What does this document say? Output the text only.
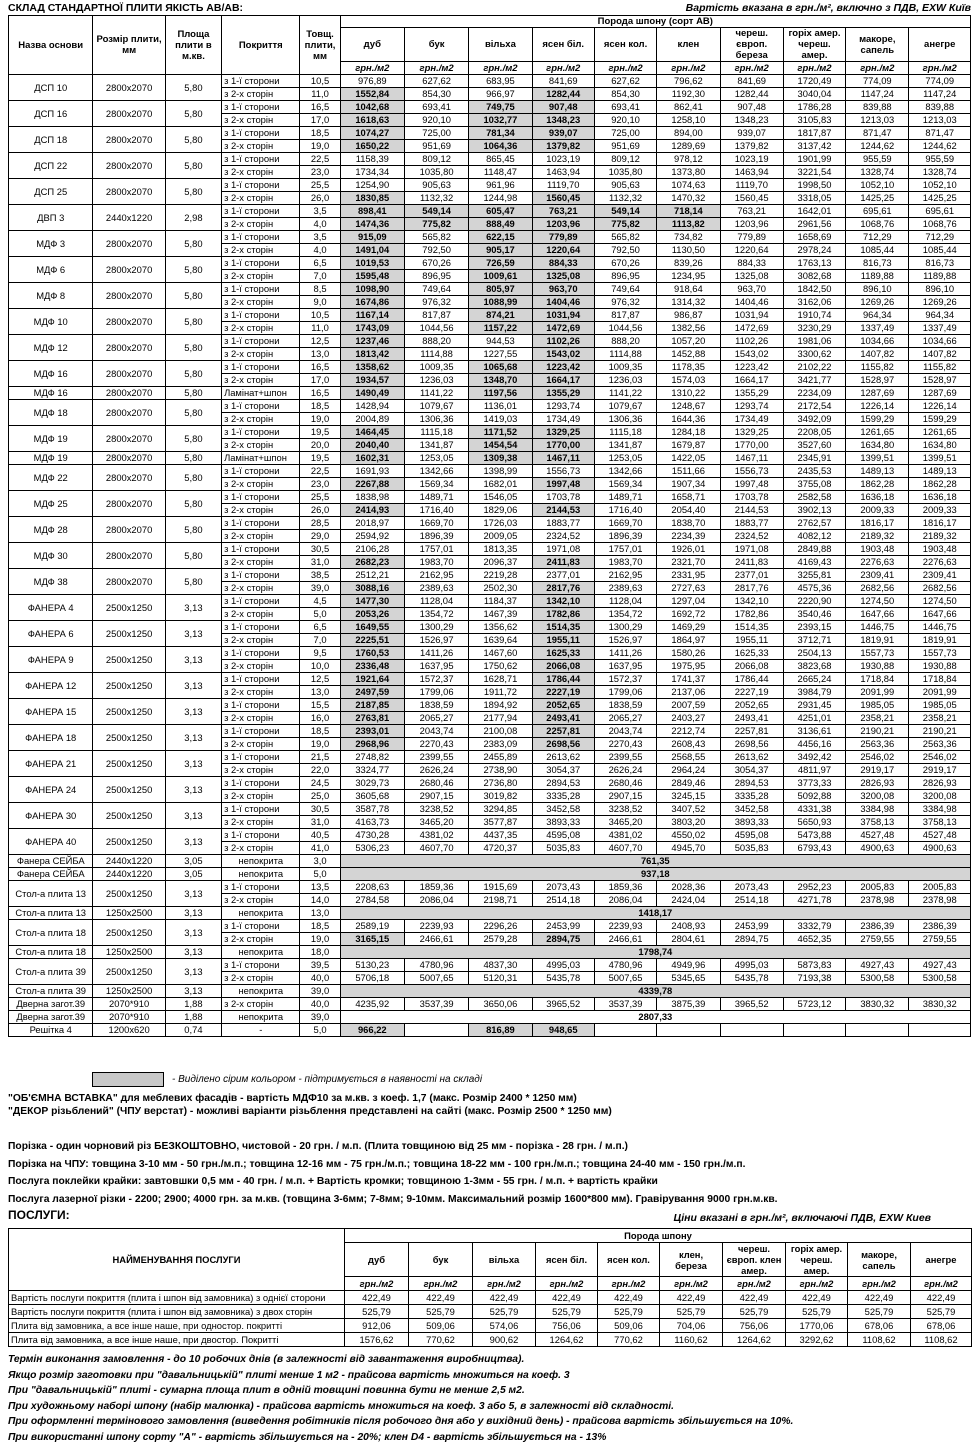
СКЛАД СТАНДАРТНОЇ ПЛИТИ ЯКІСТЬ АВ/АВ:	Вартість вказана в грн./м², включно з ПДВ, EXW Київ
Назва основи	Розмір плити, мм	Площа плити в м.кв.	Покриття	Товщ. плити, мм	Порода шпону (сорт АВ)									
					дуб	бук	вільха	ясен біл.	ясен кол.	клен	череш. європ. береза	горіх амер. череш. амер.	макоре, сапель	анегре
					грн./м2	грн./м2	грн./м2	грн./м2	грн./м2	грн./м2	грн./м2	грн./м2	грн./м2	грн./м2
ДСП 10	2800х2070	5,80	з 1-ї сторони	10,5	976,89	627,62	683,95	841,69	627,62	796,62	841,69	1720,49	774,09	774,09
			з 2-х сторін	11,0	1552,84	854,30	966,97	1282,44	854,30	1192,30	1282,44	3040,04	1147,24	1147,24
ДСП 16	2800х2070	5,80	з 1-ї сторони	16,5	1042,68	693,41	749,75	907,48	693,41	862,41	907,48	1786,28	839,88	839,88
			з 2-х сторін	17,0	1618,63	920,10	1032,77	1348,23	920,10	1258,10	1348,23	3105,83	1213,03	1213,03
ДСП 18	2800х2070	5,80	з 1-ї сторони	18,5	1074,27	725,00	781,34	939,07	725,00	894,00	939,07	1817,87	871,47	871,47
			з 2-х сторін	19,0	1650,22	951,69	1064,36	1379,82	951,69	1289,69	1379,82	3137,42	1244,62	1244,62
ДСП 22	2800х2070	5,80	з 1-ї сторони	22,5	1158,39	809,12	865,45	1023,19	809,12	978,12	1023,19	1901,99	955,59	955,59
			з 2-х сторін	23,0	1734,34	1035,80	1148,47	1463,94	1035,80	1373,80	1463,94	3221,54	1328,74	1328,74
ДСП 25	2800х2070	5,80	з 1-ї сторони	25,5	1254,90	905,63	961,96	1119,70	905,63	1074,63	1119,70	1998,50	1052,10	1052,10
			з 2-х сторін	26,0	1830,85	1132,32	1244,98	1560,45	1132,32	1470,32	1560,45	3318,05	1425,25	1425,25
ДВП 3	2440х1220	2,98	з 1-ї сторони	3,5	898,41	549,14	605,47	763,21	549,14	718,14	763,21	1642,01	695,61	695,61
			з 2-х сторін	4,0	1474,36	775,82	888,49	1203,96	775,82	1113,82	1203,96	2961,56	1068,76	1068,76
МДФ 3	2800х2070	5,80	з 1-ї сторони	3,5	915,09	565,82	622,15	779,89	565,82	734,82	779,89	1658,69	712,29	712,29
			з 2-х сторін	4,0	1491,04	792,50	905,17	1220,64	792,50	1130,50	1220,64	2978,24	1085,44	1085,44
МДФ 6	2800х2070	5,80	з 1-ї сторони	6,5	1019,53	670,26	726,59	884,33	670,26	839,26	884,33	1763,13	816,73	816,73
			з 2-х сторін	7,0	1595,48	896,95	1009,61	1325,08	896,95	1234,95	1325,08	3082,68	1189,88	1189,88
МДФ 8	2800х2070	5,80	з 1-ї сторони	8,5	1098,90	749,64	805,97	963,70	749,64	918,64	963,70	1842,50	896,10	896,10
			з 2-х сторін	9,0	1674,86	976,32	1088,99	1404,46	976,32	1314,32	1404,46	3162,06	1269,26	1269,26
МДФ 10	2800х2070	5,80	з 1-ї сторони	10,5	1167,14	817,87	874,21	1031,94	817,87	986,87	1031,94	1910,74	964,34	964,34
			з 2-х сторін	11,0	1743,09	1044,56	1157,22	1472,69	1044,56	1382,56	1472,69	3230,29	1337,49	1337,49
МДФ 12	2800х2070	5,80	з 1-ї сторони	12,5	1237,46	888,20	944,53	1102,26	888,20	1057,20	1102,26	1981,06	1034,66	1034,66
			з 2-х сторін	13,0	1813,42	1114,88	1227,55	1543,02	1114,88	1452,88	1543,02	3300,62	1407,82	1407,82
МДФ 16	2800х2070	5,80	з 1-ї сторони	16,5	1358,62	1009,35	1065,68	1223,42	1009,35	1178,35	1223,42	2102,22	1155,82	1155,82
			з 2-х сторін	17,0	1934,57	1236,03	1348,70	1664,17	1236,03	1574,03	1664,17	3421,77	1528,97	1528,97
МДФ 16	2800х2070	5,80	Ламінат+шпон	16,5	1490,49	1141,22	1197,56	1355,29	1141,22	1310,22	1355,29	2234,09	1287,69	1287,69
МДФ 18	2800х2070	5,80	з 1-ї сторони	18,5	1428,94	1079,67	1136,01	1293,74	1079,67	1248,67	1293,74	2172,54	1226,14	1226,14
			з 2-х сторін	19,0	2004,89	1306,36	1419,03	1734,49	1306,36	1644,36	1734,49	3492,09	1599,29	1599,29
МДФ 19	2800х2070	5,80	з 1-ї сторони	19,5	1464,45	1115,18	1171,52	1329,25	1115,18	1284,18	1329,25	2208,05	1261,65	1261,65
			з 2-х сторін	20,0	2040,40	1341,87	1454,54	1770,00	1341,87	1679,87	1770,00	3527,60	1634,80	1634,80
МДФ 19	2800х2070	5,80	Ламінат+шпон	19,5	1602,31	1253,05	1309,38	1467,11	1253,05	1422,05	1467,11	2345,91	1399,51	1399,51
МДФ 22	2800х2070	5,80	з 1-ї сторони	22,5	1691,93	1342,66	1398,99	1556,73	1342,66	1511,66	1556,73	2435,53	1489,13	1489,13
			з 2-х сторін	23,0	2267,88	1569,34	1682,01	1997,48	1569,34	1907,34	1997,48	3755,08	1862,28	1862,28
МДФ 25	2800х2070	5,80	з 1-ї сторони	25,5	1838,98	1489,71	1546,05	1703,78	1489,71	1658,71	1703,78	2582,58	1636,18	1636,18
			з 2-х сторін	26,0	2414,93	1716,40	1829,06	2144,53	1716,40	2054,40	2144,53	3902,13	2009,33	2009,33
МДФ 28	2800х2070	5,80	з 1-ї сторони	28,5	2018,97	1669,70	1726,03	1883,77	1669,70	1838,70	1883,77	2762,57	1816,17	1816,17
			з 2-х сторін	29,0	2594,92	1896,39	2009,05	2324,52	1896,39	2234,39	2324,52	4082,12	2189,32	2189,32
МДФ 30	2800х2070	5,80	з 1-ї сторони	30,5	2106,28	1757,01	1813,35	1971,08	1757,01	1926,01	1971,08	2849,88	1903,48	1903,48
			з 2-х сторін	31,0	2682,23	1983,70	2096,37	2411,83	1983,70	2321,70	2411,83	4169,43	2276,63	2276,63
МДФ 38	2800х2070	5,80	з 1-ї сторони	38,5	2512,21	2162,95	2219,28	2377,01	2162,95	2331,95	2377,01	3255,81	2309,41	2309,41
			з 2-х сторін	39,0	3088,16	2389,63	2502,30	2817,76	2389,63	2727,63	2817,76	4575,36	2682,56	2682,56
ФАНЕРА 4	2500х1250	3,13	з 1-ї сторони	4,5	1477,30	1128,04	1184,37	1342,10	1128,04	1297,04	1342,10	2220,90	1274,50	1274,50
			з 2-х сторін	5,0	2053,26	1354,72	1467,39	1782,86	1354,72	1692,72	1782,86	3540,46	1647,66	1647,66
ФАНЕРА 6	2500х1250	3,13	з 1-ї сторони	6,5	1649,55	1300,29	1356,62	1514,35	1300,29	1469,29	1514,35	2393,15	1446,75	1446,75
			з 2-х сторін	7,0	2225,51	1526,97	1639,64	1955,11	1526,97	1864,97	1955,11	3712,71	1819,91	1819,91
ФАНЕРА 9	2500х1250	3,13	з 1-ї сторони	9,5	1760,53	1411,26	1467,60	1625,33	1411,26	1580,26	1625,33	2504,13	1557,73	1557,73
			з 2-х сторін	10,0	2336,48	1637,95	1750,62	2066,08	1637,95	1975,95	2066,08	3823,68	1930,88	1930,88
ФАНЕРА 12	2500х1250	3,13	з 1-ї сторони	12,5	1921,64	1572,37	1628,71	1786,44	1572,37	1741,37	1786,44	2665,24	1718,84	1718,84
			з 2-х сторін	13,0	2497,59	1799,06	1911,72	2227,19	1799,06	2137,06	2227,19	3984,79	2091,99	2091,99
ФАНЕРА 15	2500х1250	3,13	з 1-ї сторони	15,5	2187,85	1838,59	1894,92	2052,65	1838,59	2007,59	2052,65	2931,45	1985,05	1985,05
			з 2-х сторін	16,0	2763,81	2065,27	2177,94	2493,41	2065,27	2403,27	2493,41	4251,01	2358,21	2358,21
ФАНЕРА 18	2500х1250	3,13	з 1-ї сторони	18,5	2393,01	2043,74	2100,08	2257,81	2043,74	2212,74	2257,81	3136,61	2190,21	2190,21
			з 2-х сторін	19,0	2968,96	2270,43	2383,09	2698,56	2270,43	2608,43	2698,56	4456,16	2563,36	2563,36
ФАНЕРА 21	2500х1250	3,13	з 1-ї сторони	21,5	2748,82	2399,55	2455,89	2613,62	2399,55	2568,55	2613,62	3492,42	2546,02	2546,02
			з 2-х сторін	22,0	3324,77	2626,24	2738,90	3054,37	2626,24	2964,24	3054,37	4811,97	2919,17	2919,17
ФАНЕРА 24	2500х1250	3,13	з 1-ї сторони	24,5	3029,73	2680,46	2736,80	2894,53	2680,46	2849,46	2894,53	3773,33	2826,93	2826,93
			з 2-х сторін	25,0	3605,68	2907,15	3019,82	3335,28	2907,15	3245,15	3335,28	5092,88	3200,08	3200,08
ФАНЕРА 30	2500х1250	3,13	з 1-ї сторони	30,5	3587,78	3238,52	3294,85	3452,58	3238,52	3407,52	3452,58	4331,38	3384,98	3384,98
			з 2-х сторін	31,0	4163,73	3465,20	3577,87	3893,33	3465,20	3803,20	3893,33	5650,93	3758,13	3758,13
ФАНЕРА 40	2500х1250	3,13	з 1-ї сторони	40,5	4730,28	4381,02	4437,35	4595,08	4381,02	4550,02	4595,08	5473,88	4527,48	4527,48
			з 2-х сторін	41,0	5306,23	4607,70	4720,37	5035,83	4607,70	4945,70	5035,83	6793,43	4900,63	4900,63
Фанера СЕЙБА	2440х1220	3,05	непокрита	3,0	761,35									
Фанера СЕЙБА	2440х1220	3,05	непокрита	5,0	937,18									
Стол-а плита 13	2500х1250	3,13	з 1-ї сторони	13,5	2208,63	1859,36	1915,69	2073,43	1859,36	2028,36	2073,43	2952,23	2005,83	2005,83
			з 2-х сторін	14,0	2784,58	2086,04	2198,71	2514,18	2086,04	2424,04	2514,18	4271,78	2378,98	2378,98
Стол-а плита 13	1250х2500	3,13	непокрита	13,0	1418,17									
Стол-а плита 18	2500х1250	3,13	з 1-ї сторони	18,5	2589,19	2239,93	2296,26	2453,99	2239,93	2408,93	2453,99	3332,79	2386,39	2386,39
			з 2-х сторін	19,0	3165,15	2466,61	2579,28	2894,75	2466,61	2804,61	2894,75	4652,35	2759,55	2759,55
Стол-а плита 18	1250х2500	3,13	непокрита	18,0	1798,74									
Стол-а плита 39	2500х1250	3,13	з 1-ї сторони	39,5	5130,23	4780,96	4837,30	4995,03	4780,96	4949,96	4995,03	5873,83	4927,43	4927,43
			з 2-х сторін	40,0	5706,18	5007,65	5120,31	5435,78	5007,65	5345,65	5435,78	7193,38	5300,58	5300,58
Стол-а плита 39	1250х2500	3,13	непокрита	39,0	4339,78									
Дверна загот.39	2070*910	1,88	з 2-х сторін	40,0	4235,92	3537,39	3650,06	3965,52	3537,39	3875,39	3965,52	5723,12	3830,32	3830,32
Дверна загот.39	2070*910	1,88	непокрита	39,0	2807,33									
Решітка 4	1200х620	0,74	-	5,0	966,22		816,89	948,65						
- Виділено сірим кольором - підтримується в наявності на складі
"ОБ'ЄМНА ВСТАВКА" для меблевих фасадів - вартість МДФ10 за м.кв. з коеф. 1,7 (макс. Розмір 2400 * 1250 мм)
"ДЕКОР різьблений" (ЧПУ верстат) - можливі варіанти різьблення представлені на сайті (макс. Розмір 2500 * 1250 мм)
Порізка - один чорновий різ БЕЗКОШТОВНО, чистовой - 20 грн. / м.п. (Плита товщиною від 25 мм - порізка - 28 грн. / м.п.)
Порізка на ЧПУ: товщина 3-10 мм - 50 грн./м.п.; товщина 12-16 мм - 75 грн./м.п.; товщина 18-22 мм - 100 грн./м.п.; товщина 24-40 мм - 150 грн./м.п.
Послуга поклейки крайки: завтовшки 0,5 мм - 40 грн. / м.п. + Вартість кромки; товщиною 1-3мм - 55 грн. / м.п. + вартість крайки
Послуга лазерної різки - 2200; 2900; 4000 грн. за м.кв. (товщина 3-6мм; 7-8мм; 9-10мм. Максимальний розмір 1600*800 мм). Гравірування 9000 грн.м.кв.
ПОСЛУГИ:	Ціни вказані в грн./м², включаючі ПДВ, EXW Киев
НАЙМЕНУВАННЯ ПОСЛУГИ	Порода шпону									
	дуб	бук	вільха	ясен біл.	ясен кол.	клен, береза	череш. європ. клен амер.	горіх амер. череш. амер.	макоре, сапель	анегре
	грн./м2	грн./м2	грн./м2	грн./м2	грн./м2	грн./м2	грн./м2	грн./м2	грн./м2	грн./м2
Вартість послуги покриття (плита і шпон від замовника) з однієї сторони	422,49	422,49	422,49	422,49	422,49	422,49	422,49	422,49	422,49	422,49
Вартість послуги покриття (плита і шпон від замовника) з двох сторін	525,79	525,79	525,79	525,79	525,79	525,79	525,79	525,79	525,79	525,79
Плита від замовника, а все інше наше, при одностор. покритті	912,06	509,06	574,06	756,06	509,06	704,06	756,06	1770,06	678,06	678,06
Плита від замовника, а все інше наше, при двостор. Покритті	1576,62	770,62	900,62	1264,62	770,62	1160,62	1264,62	3292,62	1108,62	1108,62
Термін виконання замовлення - до 10 робочих днів (в залежності від завантаження виробництва).
Якщо розмір заготовки при "давальницькій" плиті менше 1 м2 - прайсова вартість множиться на коеф. 3
При "давальницькій" плиті - сумарна площа плит в одній товщині повинна бути не менше 2,5 м2.
При художньому наборі шпону (набір малюнка) - прайсова вартість множиться на коеф. 3 або 5, в залежності від складності.
При оформленні термінового замовлення (виведення робітників після робочого дня або у вихідний день) - прайсова вартість збільшується на 10%.
При використанні шпону сорту "А" - вартість збільшується на - 20%; клен D4 - вартість збільшується на - 13%
